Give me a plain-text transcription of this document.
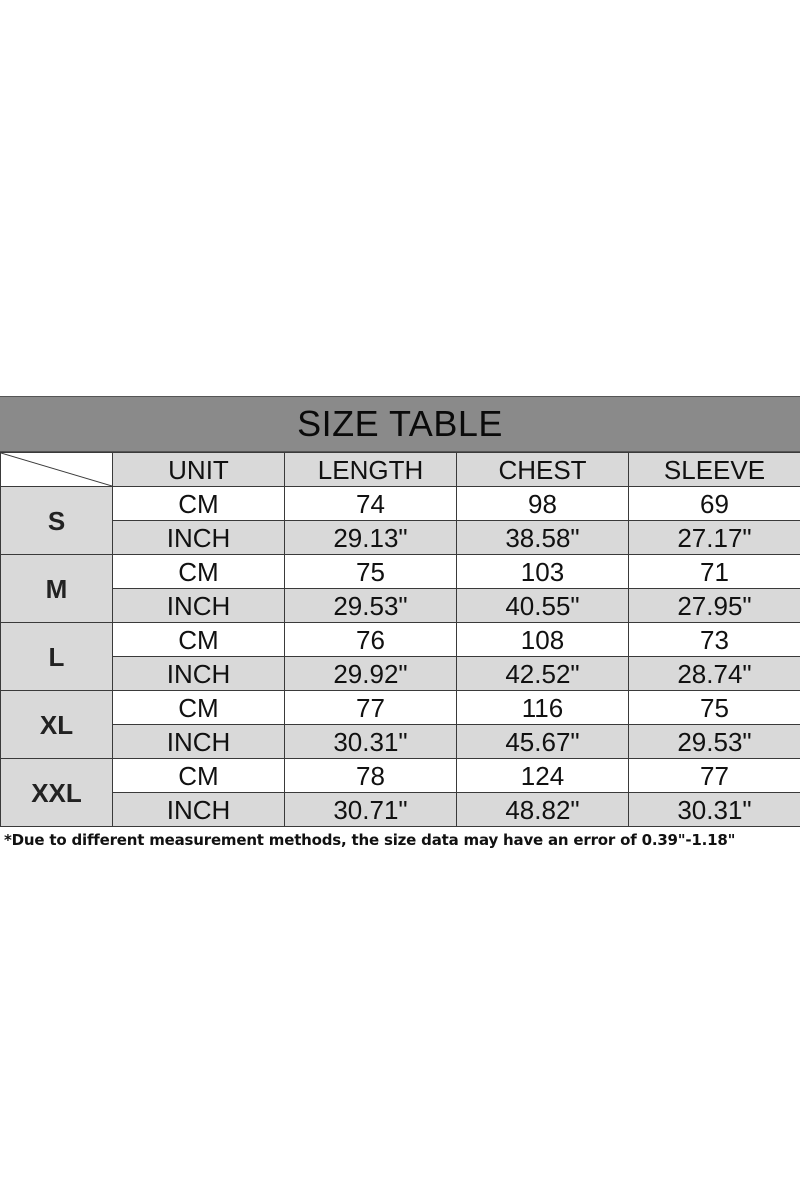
SIZE TABLE
	UNIT	LENGTH	CHEST	SLEEVE
S	CM	74	98	69
	INCH	29.13"	38.58"	27.17"
M	CM	75	103	71
	INCH	29.53"	40.55"	27.95"
L	CM	76	108	73
	INCH	29.92"	42.52"	28.74"
XL	CM	77	116	75
	INCH	30.31"	45.67"	29.53"
XXL	CM	78	124	77
	INCH	30.71"	48.82"	30.31"
*Due to different measurement methods, the size data may have an error of 0.39"-1.18"
